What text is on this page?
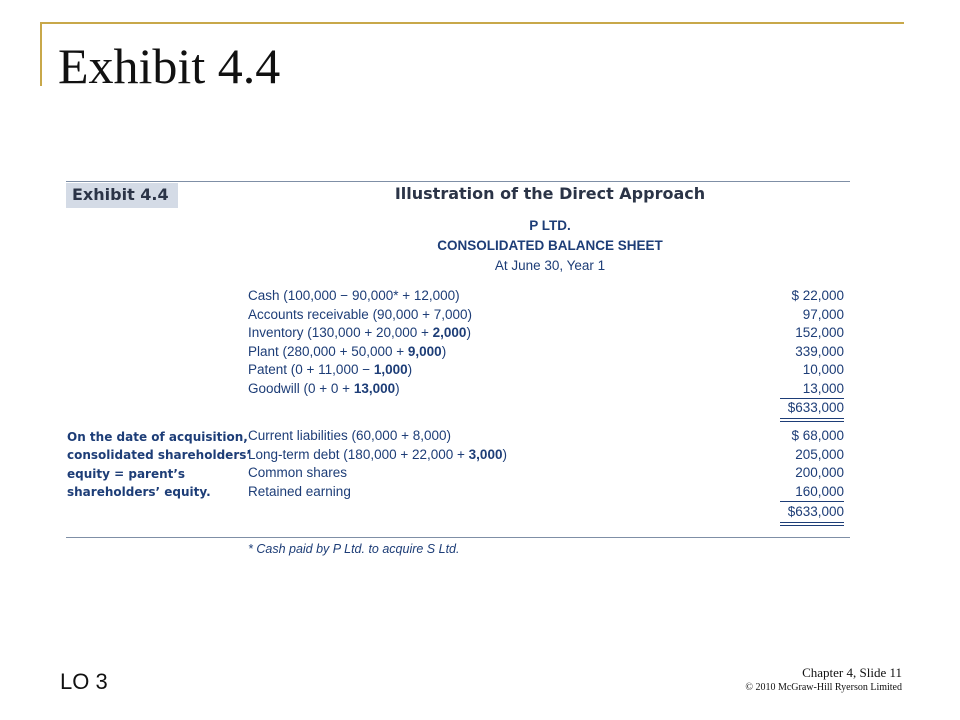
Exhibit 4.4
Exhibit 4.4	Illustration of the Direct Approach
P LTD.
CONSOLIDATED BALANCE SHEET
At June 30, Year 1
Cash (100,000 − 90,000* + 12,000)
Accounts receivable (90,000 + 7,000)
Inventory (130,000 + 20,000 + 2,000)
Plant (280,000 + 50,000 + 9,000)
Patent (0 + 11,000 − 1,000)
Goodwill (0 + 0 + 13,000)
$ 22,000
97,000
152,000
339,000
10,000
13,000
$633,000
On the date of acquisition,
consolidated shareholders’
equity = parent’s
shareholders’ equity.
Current liabilities (60,000 + 8,000)
Long-term debt (180,000 + 22,000 + 3,000)
Common shares
Retained earning
$ 68,000
205,000
200,000
160,000
$633,000
* Cash paid by P Ltd. to acquire S Ltd.
LO 3	Chapter 4, Slide 11
© 2010 McGraw-Hill Ryerson Limited
